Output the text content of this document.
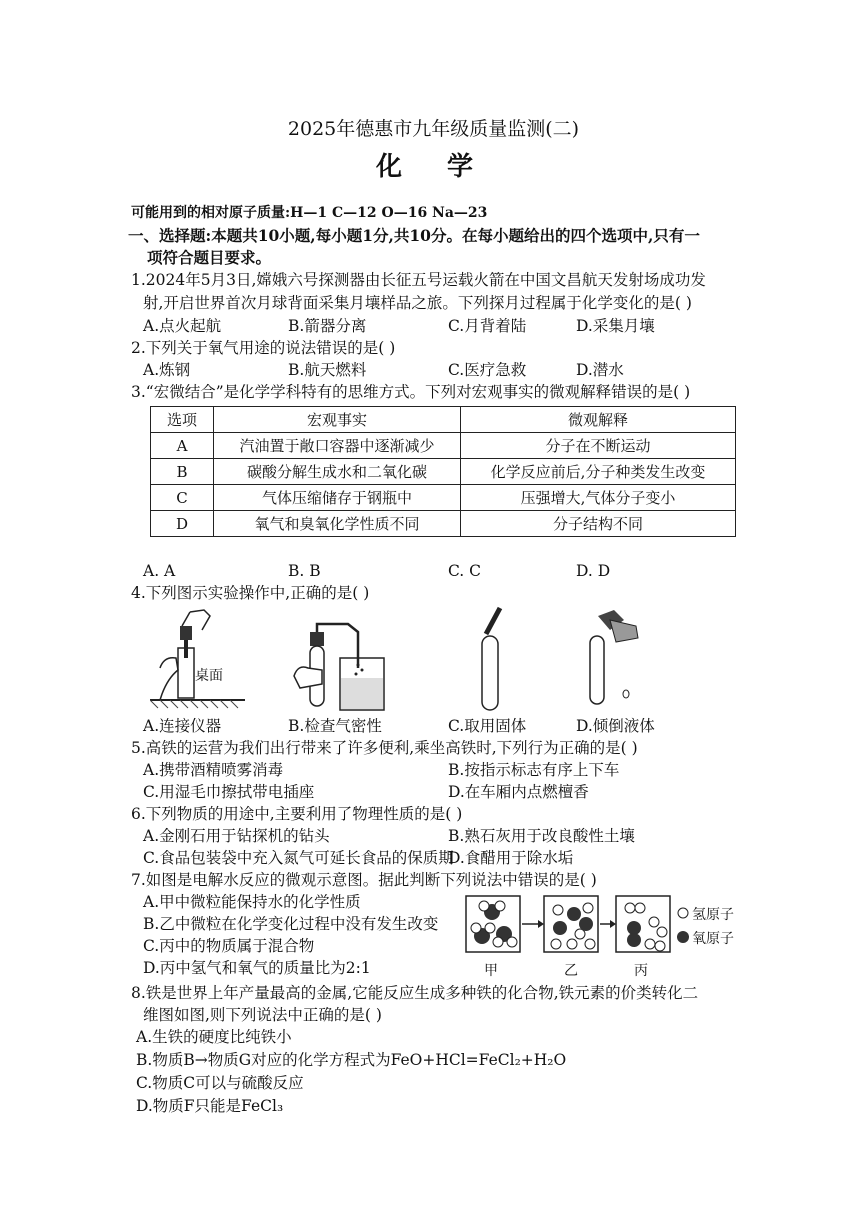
2025年德惠市九年级质量监测(二)
化 学
可能用到的相对原子质量:H—1 C—12 O—16 Na—23
一、选择题:本题共10小题,每小题1分,共10分。在每小题给出的四个选项中,只有一
项符合题目要求。
1.2024年5月3日,嫦娥六号探测器由长征五号运载火箭在中国文昌航天发射场成功发
射,开启世界首次月球背面采集月壤样品之旅。下列探月过程属于化学变化的是( )
A.点火起航	B.箭器分离	C.月背着陆	D.采集月壤
2.下列关于氧气用途的说法错误的是( )
A.炼钢	B.航天燃料	C.医疗急救	D.潜水
3.“宏微结合”是化学学科特有的思维方式。下列对宏观事实的微观解释错误的是( )
选项	宏观事实	微观解释
A	汽油置于敞口容器中逐渐减少	分子在不断运动
B	碳酸分解生成水和二氧化碳	化学反应前后,分子种类发生改变
C	气体压缩储存于钢瓶中	压强增大,气体分子变小
D	氧气和臭氧化学性质不同	分子结构不同
A. A	B. B	C. C	D. D
4.下列图示实验操作中,正确的是( )
桌面
A.连接仪器	B.检查气密性	C.取用固体	D.倾倒液体
5.高铁的运营为我们出行带来了许多便利,乘坐高铁时,下列行为正确的是( )
A.携带酒精喷雾消毒	B.按指示标志有序上下车
C.用湿毛巾擦拭带电插座	D.在车厢内点燃檀香
6.下列物质的用途中,主要利用了物理性质的是( )
A.金刚石用于钻探机的钻头	B.熟石灰用于改良酸性土壤
C.食品包装袋中充入氮气可延长食品的保质期
D.食醋用于除水垢
7.如图是电解水反应的微观示意图。据此判断下列说法中错误的是( )
A.甲中微粒能保持水的化学性质
B.乙中微粒在化学变化过程中没有发生改变
C.丙中的物质属于混合物
D.丙中氢气和氧气的质量比为2:1	甲	乙	丙
氢原子
氧原子
8.铁是世界上年产量最高的金属,它能反应生成多种铁的化合物,铁元素的价类转化二
维图如图,则下列说法中正确的是( )
A.生铁的硬度比纯铁小
B.物质B→物质G对应的化学方程式为FeO+HCl=FeCl₂+H₂O
C.物质C可以与硫酸反应
D.物质F只能是FeCl₃
